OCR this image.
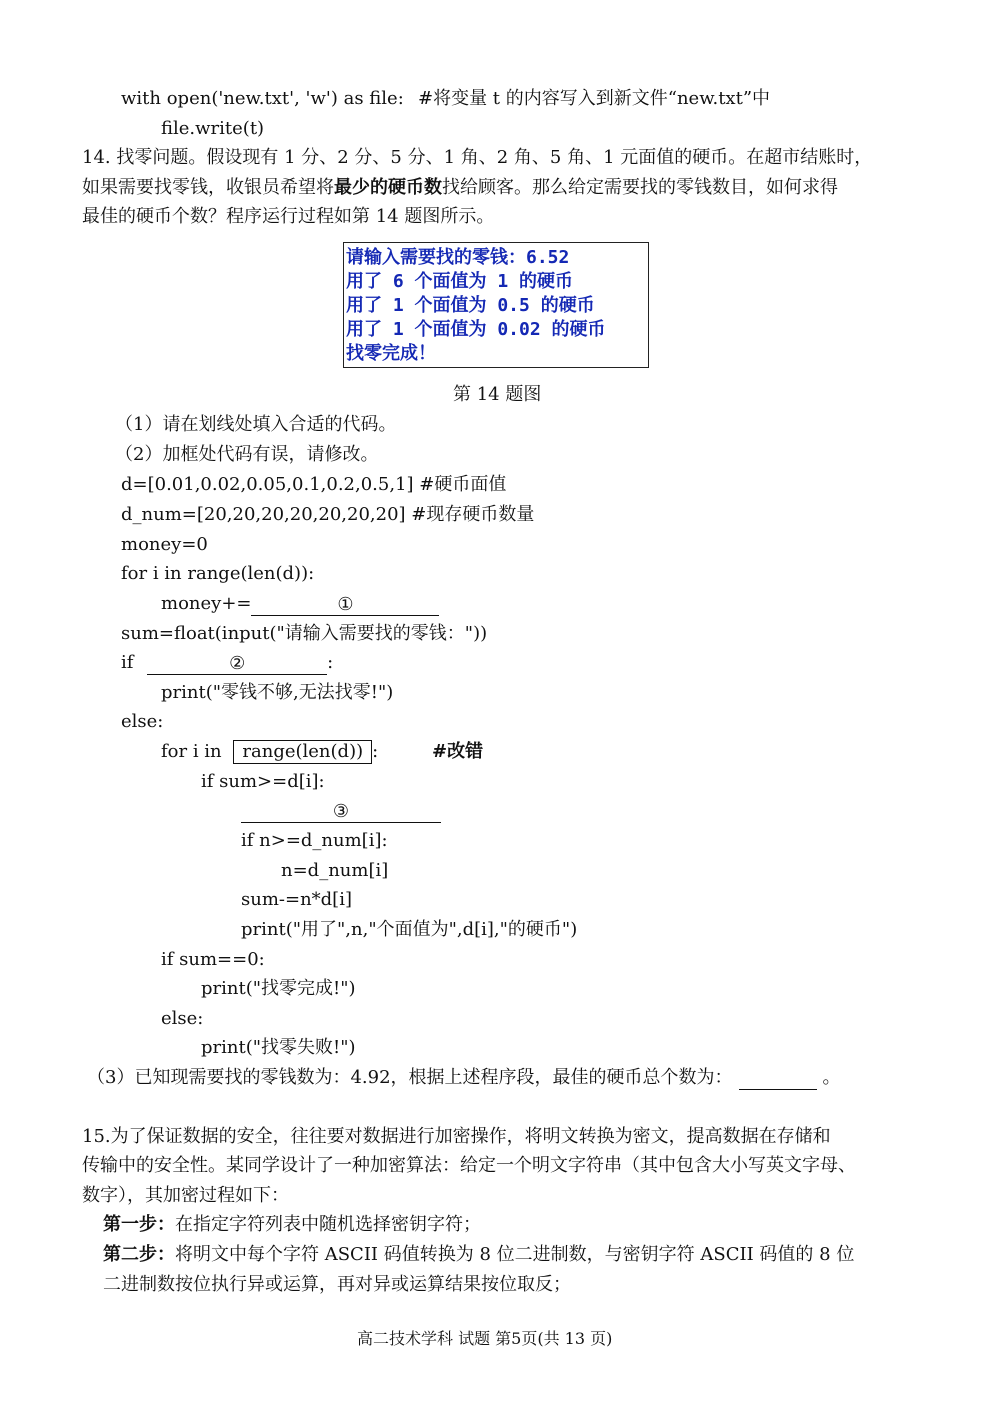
with open('new.txt', 'w') as file: #将变量 t 的内容写入到新文件“new.txt”中
file.write(t)
14. 找零问题。假设现有 1 分、2 分、5 分、1 角、2 角、5 角、1 元面值的硬币。在超市结账时，
如果需要找零钱，收银员希望将最少的硬币数找给顾客。那么给定需要找的零钱数目，如何求得
最佳的硬币个数？程序运行过程如第 14 题图所示。
请输入需要找的零钱：6.52
用了 6 个面值为 1 的硬币
用了 1 个面值为 0.5 的硬币
用了 1 个面值为 0.02 的硬币
找零完成！
第 14 题图
（1）请在划线处填入合适的代码。
（2）加框处代码有误，请修改。
d=[0.01,0.02,0.05,0.1,0.2,0.5,1] #硬币面值
d_num=[20,20,20,20,20,20,20] #现存硬币数量
money=0
for i in range(len(d)):
money+=	①
sum=float(input("请输入需要找的零钱："))
if	②	:
print("零钱不够,无法找零!")
else:
for i in range(len(d)) :	#改错
if sum>=d[i]:
③
if n>=d_num[i]:
n=d_num[i]
sum-=n*d[i]
print("用了",n,"个面值为",d[i],"的硬币")
if sum==0:
print("找零完成!")
else:
print("找零失败!")
（3）已知现需要找的零钱数为：4.92，根据上述程序段，最佳的硬币总个数为：	。
15.为了保证数据的安全，往往要对数据进行加密操作，将明文转换为密文，提高数据在存储和
传输中的安全性。某同学设计了一种加密算法：给定一个明文字符串（其中包含大小写英文字母、
数字），其加密过程如下：
第一步：在指定字符列表中随机选择密钥字符；
第二步：将明文中每个字符 ASCII 码值转换为 8 位二进制数，与密钥字符 ASCII 码值的 8 位
二进制数按位执行异或运算，再对异或运算结果按位取反；
高二技术学科 试题 第5页(共 13 页)
